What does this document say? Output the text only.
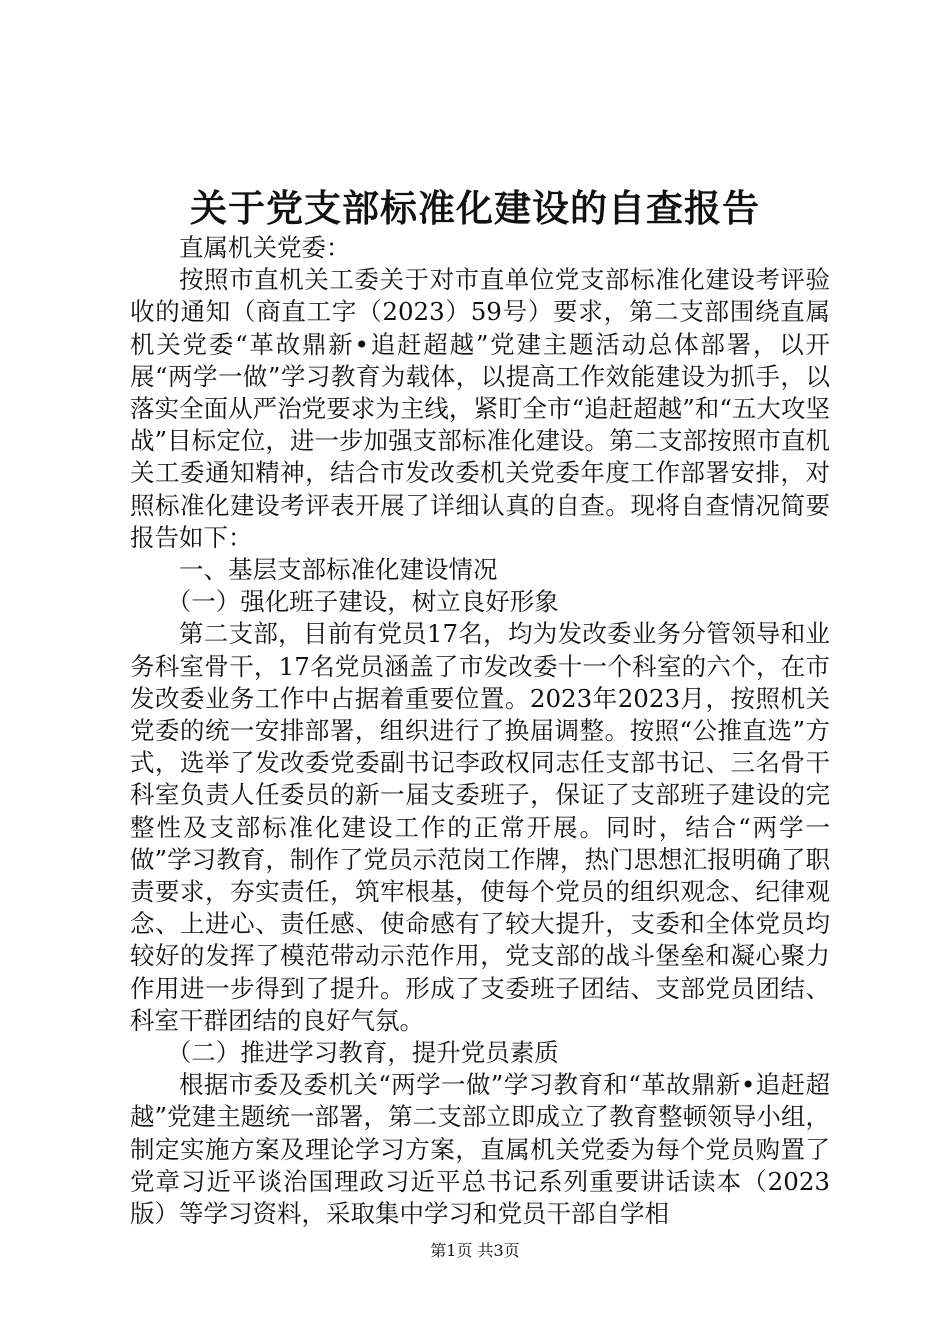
关于党支部标准化建设的自查报告

直属机关党委：

按照市直机关工委关于对市直单位党支部标准化建设考评验收的通知（商直工字（2023）59号）要求，第二支部围绕直属机关党委“革故鼎新•追赶超越”党建主题活动总体部署，以开展“两学一做”学习教育为载体，以提高工作效能建设为抓手，以落实全面从严治党要求为主线，紧盯全市“追赶超越”和“五大攻坚战”目标定位，进一步加强支部标准化建设。第二支部按照市直机关工委通知精神，结合市发改委机关党委年度工作部署安排，对照标准化建设考评表开展了详细认真的自查。现将自查情况简要报告如下：

一、基层支部标准化建设情况

（一）强化班子建设，树立良好形象

第二支部，目前有党员17名，均为发改委业务分管领导和业务科室骨干，17名党员涵盖了市发改委十一个科室的六个，在市发改委业务工作中占据着重要位置。2023年2023月，按照机关党委的统一安排部署，组织进行了换届调整。按照“公推直选”方式，选举了发改委党委副书记李政权同志任支部书记、三名骨干科室负责人任委员的新一届支委班子，保证了支部班子建设的完整性及支部标准化建设工作的正常开展。同时，结合“两学一做”学习教育，制作了党员示范岗工作牌，热门思想汇报明确了职责要求，夯实责任，筑牢根基，使每个党员的组织观念、纪律观念、上进心、责任感、使命感有了较大提升，支委和全体党员均较好的发挥了模范带动示范作用，党支部的战斗堡垒和凝心聚力作用进一步得到了提升。形成了支委班子团结、支部党员团结、科室干群团结的良好气氛。

（二）推进学习教育，提升党员素质

根据市委及委机关“两学一做”学习教育和“革故鼎新•追赶超越”党建主题统一部署，第二支部立即成立了教育整顿领导小组，制定实施方案及理论学习方案，直属机关党委为每个党员购置了党章习近平谈治国理政习近平总书记系列重要讲话读本（2023版）等学习资料，采取集中学习和党员干部自学相

第1页 共3页
